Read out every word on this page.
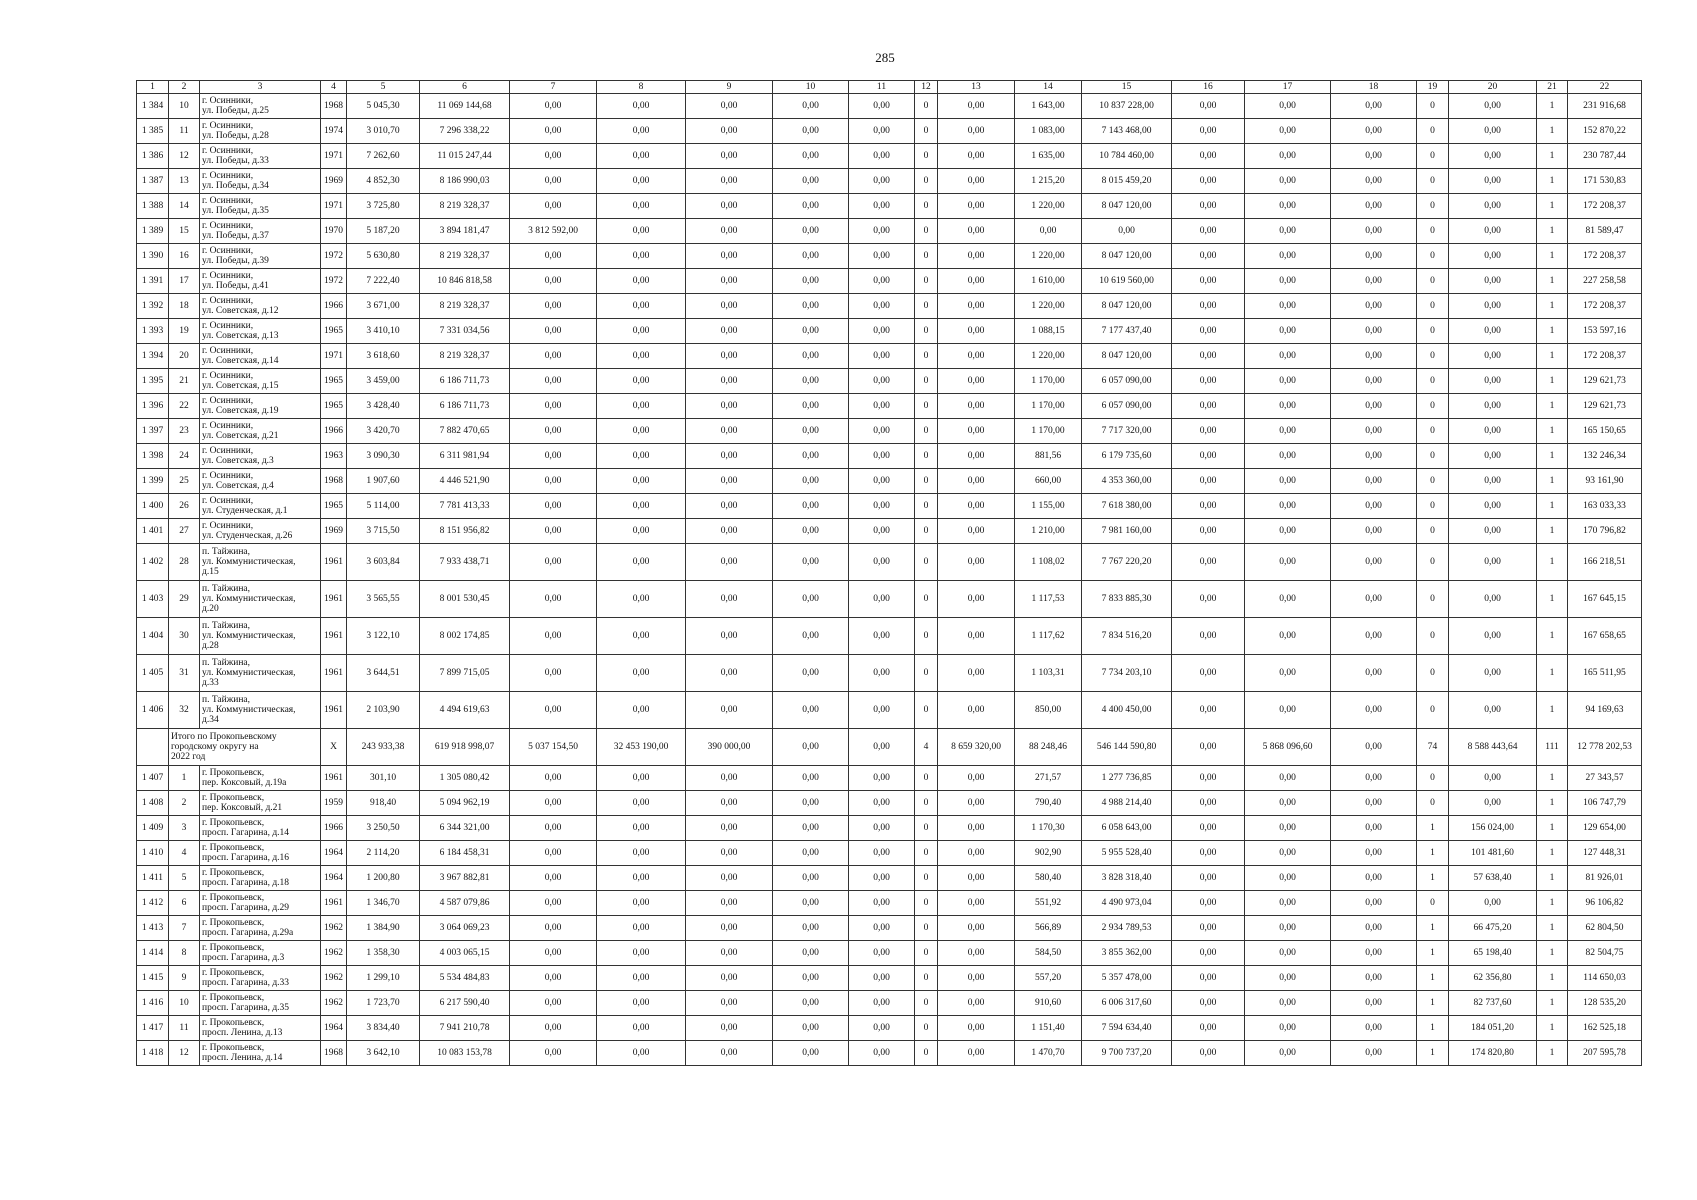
285
1	2	3	4	5	6	7	8	9	10	11	12	13	14	15	16	17	18	19	20	21	22
1 384	10	г. Осинники,
ул. Победы, д.25	1968	5 045,30	11 069 144,68	0,00	0,00	0,00	0,00	0,00	0	0,00	1 643,00	10 837 228,00	0,00	0,00	0,00	0	0,00	1	231 916,68
1 385	11	г. Осинники,
ул. Победы, д.28	1974	3 010,70	7 296 338,22	0,00	0,00	0,00	0,00	0,00	0	0,00	1 083,00	7 143 468,00	0,00	0,00	0,00	0	0,00	1	152 870,22
1 386	12	г. Осинники,
ул. Победы, д.33	1971	7 262,60	11 015 247,44	0,00	0,00	0,00	0,00	0,00	0	0,00	1 635,00	10 784 460,00	0,00	0,00	0,00	0	0,00	1	230 787,44
1 387	13	г. Осинники,
ул. Победы, д.34	1969	4 852,30	8 186 990,03	0,00	0,00	0,00	0,00	0,00	0	0,00	1 215,20	8 015 459,20	0,00	0,00	0,00	0	0,00	1	171 530,83
1 388	14	г. Осинники,
ул. Победы, д.35	1971	3 725,80	8 219 328,37	0,00	0,00	0,00	0,00	0,00	0	0,00	1 220,00	8 047 120,00	0,00	0,00	0,00	0	0,00	1	172 208,37
1 389	15	г. Осинники,
ул. Победы, д.37	1970	5 187,20	3 894 181,47	3 812 592,00	0,00	0,00	0,00	0,00	0	0,00	0,00	0,00	0,00	0,00	0,00	0	0,00	1	81 589,47
1 390	16	г. Осинники,
ул. Победы, д.39	1972	5 630,80	8 219 328,37	0,00	0,00	0,00	0,00	0,00	0	0,00	1 220,00	8 047 120,00	0,00	0,00	0,00	0	0,00	1	172 208,37
1 391	17	г. Осинники,
ул. Победы, д.41	1972	7 222,40	10 846 818,58	0,00	0,00	0,00	0,00	0,00	0	0,00	1 610,00	10 619 560,00	0,00	0,00	0,00	0	0,00	1	227 258,58
1 392	18	г. Осинники,
ул. Советская, д.12	1966	3 671,00	8 219 328,37	0,00	0,00	0,00	0,00	0,00	0	0,00	1 220,00	8 047 120,00	0,00	0,00	0,00	0	0,00	1	172 208,37
1 393	19	г. Осинники,
ул. Советская, д.13	1965	3 410,10	7 331 034,56	0,00	0,00	0,00	0,00	0,00	0	0,00	1 088,15	7 177 437,40	0,00	0,00	0,00	0	0,00	1	153 597,16
1 394	20	г. Осинники,
ул. Советская, д.14	1971	3 618,60	8 219 328,37	0,00	0,00	0,00	0,00	0,00	0	0,00	1 220,00	8 047 120,00	0,00	0,00	0,00	0	0,00	1	172 208,37
1 395	21	г. Осинники,
ул. Советская, д.15	1965	3 459,00	6 186 711,73	0,00	0,00	0,00	0,00	0,00	0	0,00	1 170,00	6 057 090,00	0,00	0,00	0,00	0	0,00	1	129 621,73
1 396	22	г. Осинники,
ул. Советская, д.19	1965	3 428,40	6 186 711,73	0,00	0,00	0,00	0,00	0,00	0	0,00	1 170,00	6 057 090,00	0,00	0,00	0,00	0	0,00	1	129 621,73
1 397	23	г. Осинники,
ул. Советская, д.21	1966	3 420,70	7 882 470,65	0,00	0,00	0,00	0,00	0,00	0	0,00	1 170,00	7 717 320,00	0,00	0,00	0,00	0	0,00	1	165 150,65
1 398	24	г. Осинники,
ул. Советская, д.3	1963	3 090,30	6 311 981,94	0,00	0,00	0,00	0,00	0,00	0	0,00	881,56	6 179 735,60	0,00	0,00	0,00	0	0,00	1	132 246,34
1 399	25	г. Осинники,
ул. Советская, д.4	1968	1 907,60	4 446 521,90	0,00	0,00	0,00	0,00	0,00	0	0,00	660,00	4 353 360,00	0,00	0,00	0,00	0	0,00	1	93 161,90
1 400	26	г. Осинники,
ул. Студенческая, д.1	1965	5 114,00	7 781 413,33	0,00	0,00	0,00	0,00	0,00	0	0,00	1 155,00	7 618 380,00	0,00	0,00	0,00	0	0,00	1	163 033,33
1 401	27	г. Осинники,
ул. Студенческая, д.26	1969	3 715,50	8 151 956,82	0,00	0,00	0,00	0,00	0,00	0	0,00	1 210,00	7 981 160,00	0,00	0,00	0,00	0	0,00	1	170 796,82
1 402	28	п. Тайжина,
ул. Коммунистическая,
д.15	1961	3 603,84	7 933 438,71	0,00	0,00	0,00	0,00	0,00	0	0,00	1 108,02	7 767 220,20	0,00	0,00	0,00	0	0,00	1	166 218,51
1 403	29	п. Тайжина,
ул. Коммунистическая,
д.20	1961	3 565,55	8 001 530,45	0,00	0,00	0,00	0,00	0,00	0	0,00	1 117,53	7 833 885,30	0,00	0,00	0,00	0	0,00	1	167 645,15
1 404	30	п. Тайжина,
ул. Коммунистическая,
д.28	1961	3 122,10	8 002 174,85	0,00	0,00	0,00	0,00	0,00	0	0,00	1 117,62	7 834 516,20	0,00	0,00	0,00	0	0,00	1	167 658,65
1 405	31	п. Тайжина,
ул. Коммунистическая,
д.33	1961	3 644,51	7 899 715,05	0,00	0,00	0,00	0,00	0,00	0	0,00	1 103,31	7 734 203,10	0,00	0,00	0,00	0	0,00	1	165 511,95
1 406	32	п. Тайжина,
ул. Коммунистическая,
д.34	1961	2 103,90	4 494 619,63	0,00	0,00	0,00	0,00	0,00	0	0,00	850,00	4 400 450,00	0,00	0,00	0,00	0	0,00	1	94 169,63
	Итого по Прокопьевскому
городскому округу на
2022 год		X	243 933,38	619 918 998,07	5 037 154,50	32 453 190,00	390 000,00	0,00	0,00	4	8 659 320,00	88 248,46	546 144 590,80	0,00	5 868 096,60	0,00	74	8 588 443,64	111	12 778 202,53
1 407	1	г. Прокопьевск,
пер. Коксовый, д.19а	1961	301,10	1 305 080,42	0,00	0,00	0,00	0,00	0,00	0	0,00	271,57	1 277 736,85	0,00	0,00	0,00	0	0,00	1	27 343,57
1 408	2	г. Прокопьевск,
пер. Коксовый, д.21	1959	918,40	5 094 962,19	0,00	0,00	0,00	0,00	0,00	0	0,00	790,40	4 988 214,40	0,00	0,00	0,00	0	0,00	1	106 747,79
1 409	3	г. Прокопьевск,
просп. Гагарина, д.14	1966	3 250,50	6 344 321,00	0,00	0,00	0,00	0,00	0,00	0	0,00	1 170,30	6 058 643,00	0,00	0,00	0,00	1	156 024,00	1	129 654,00
1 410	4	г. Прокопьевск,
просп. Гагарина, д.16	1964	2 114,20	6 184 458,31	0,00	0,00	0,00	0,00	0,00	0	0,00	902,90	5 955 528,40	0,00	0,00	0,00	1	101 481,60	1	127 448,31
1 411	5	г. Прокопьевск,
просп. Гагарина, д.18	1964	1 200,80	3 967 882,81	0,00	0,00	0,00	0,00	0,00	0	0,00	580,40	3 828 318,40	0,00	0,00	0,00	1	57 638,40	1	81 926,01
1 412	6	г. Прокопьевск,
просп. Гагарина, д.29	1961	1 346,70	4 587 079,86	0,00	0,00	0,00	0,00	0,00	0	0,00	551,92	4 490 973,04	0,00	0,00	0,00	0	0,00	1	96 106,82
1 413	7	г. Прокопьевск,
просп. Гагарина, д.29а	1962	1 384,90	3 064 069,23	0,00	0,00	0,00	0,00	0,00	0	0,00	566,89	2 934 789,53	0,00	0,00	0,00	1	66 475,20	1	62 804,50
1 414	8	г. Прокопьевск,
просп. Гагарина, д.3	1962	1 358,30	4 003 065,15	0,00	0,00	0,00	0,00	0,00	0	0,00	584,50	3 855 362,00	0,00	0,00	0,00	1	65 198,40	1	82 504,75
1 415	9	г. Прокопьевск,
просп. Гагарина, д.33	1962	1 299,10	5 534 484,83	0,00	0,00	0,00	0,00	0,00	0	0,00	557,20	5 357 478,00	0,00	0,00	0,00	1	62 356,80	1	114 650,03
1 416	10	г. Прокопьевск,
просп. Гагарина, д.35	1962	1 723,70	6 217 590,40	0,00	0,00	0,00	0,00	0,00	0	0,00	910,60	6 006 317,60	0,00	0,00	0,00	1	82 737,60	1	128 535,20
1 417	11	г. Прокопьевск,
просп. Ленина, д.13	1964	3 834,40	7 941 210,78	0,00	0,00	0,00	0,00	0,00	0	0,00	1 151,40	7 594 634,40	0,00	0,00	0,00	1	184 051,20	1	162 525,18
1 418	12	г. Прокопьевск,
просп. Ленина, д.14	1968	3 642,10	10 083 153,78	0,00	0,00	0,00	0,00	0,00	0	0,00	1 470,70	9 700 737,20	0,00	0,00	0,00	1	174 820,80	1	207 595,78
